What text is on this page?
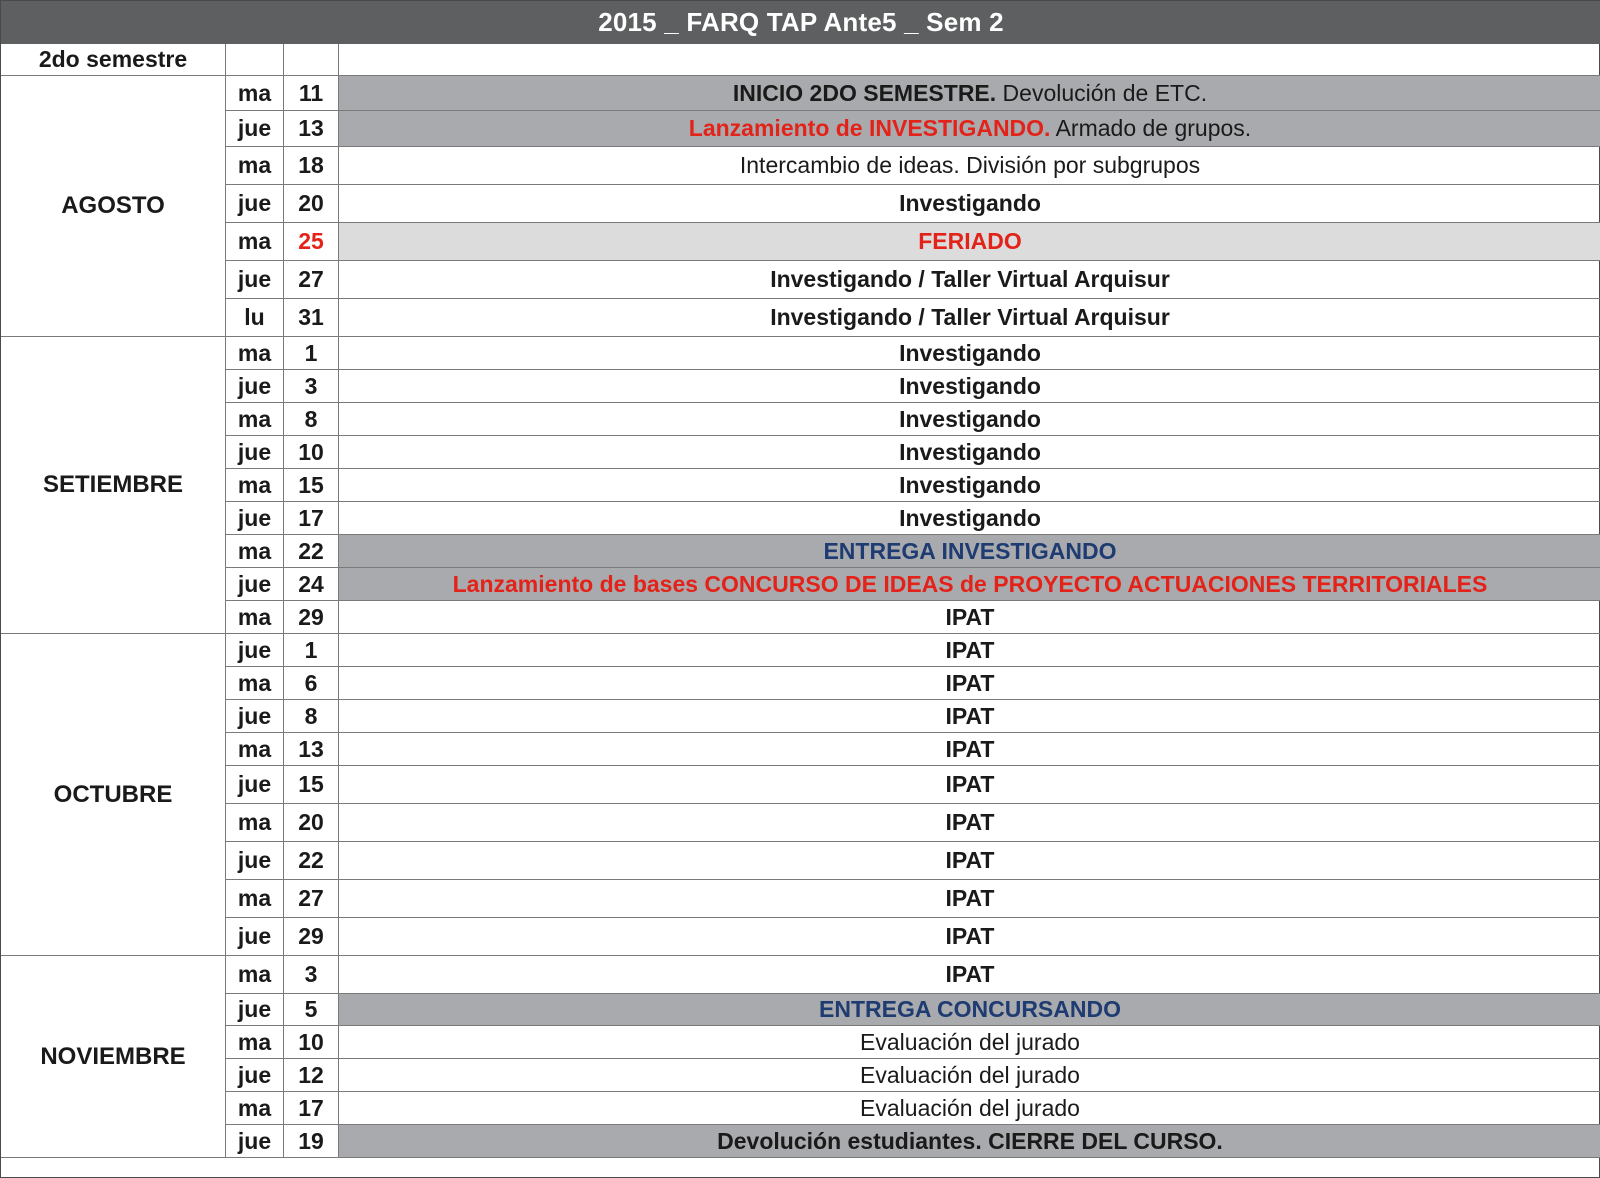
2015 _ FARQ TAP Ante5 _ Sem 2
2do semestre
AGOSTO
ma	11	INICIO 2DO SEMESTRE. Devolución de ETC.
jue	13	Lanzamiento de INVESTIGANDO. Armado de grupos.
ma	18	Intercambio de ideas. División por subgrupos
jue	20	Investigando
ma	25	FERIADO
jue	27	Investigando / Taller Virtual Arquisur
lu	31	Investigando / Taller Virtual Arquisur
SETIEMBRE
ma	1	Investigando
jue	3	Investigando
ma	8	Investigando
jue	10	Investigando
ma	15	Investigando
jue	17	Investigando
ma	22	ENTREGA INVESTIGANDO
jue	24	Lanzamiento de bases CONCURSO DE IDEAS de PROYECTO ACTUACIONES TERRITORIALES
ma	29	IPAT
OCTUBRE
jue	1	IPAT
ma	6	IPAT
jue	8	IPAT
ma	13	IPAT
jue	15	IPAT
ma	20	IPAT
jue	22	IPAT
ma	27	IPAT
jue	29	IPAT
NOVIEMBRE
ma	3	IPAT
jue	5	ENTREGA CONCURSANDO
ma	10	Evaluación del jurado
jue	12	Evaluación del jurado
ma	17	Evaluación del jurado
jue	19	Devolución estudiantes. CIERRE DEL CURSO.
